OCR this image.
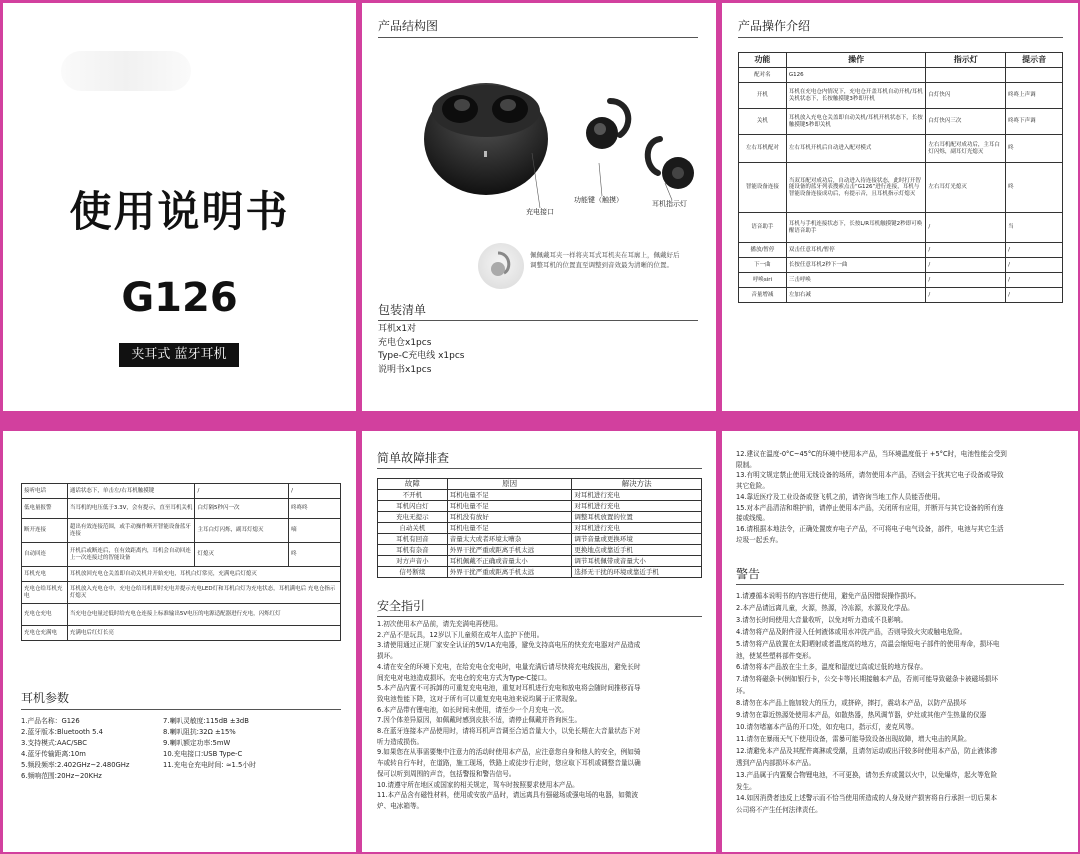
使用说明书
G126
夹耳式 蓝牙耳机
产品结构图
充电接口
功能键（触摸）	耳机指示灯
佩佩戴耳夹一样将夹耳式耳机夹在耳廓上，佩戴好后调整耳机的位置直至调整到音效最为清晰的位置。
包装清单
耳机x1对
充电仓x1pcs
Type-C充电线 x1pcs
说明书x1pcs
产品操作介绍
功能	操作	指示灯	提示音
配对名	G126		
开机	耳机在充电仓内情况下，充电仓开盖耳机自动开机/耳机关机状态下，长按触摸键3秒即开机	白灯快闪	咚咚上声调
关机	耳机放入充电仓关盖即自动关机/耳机开机状态下，长按触摸键5秒即关机	白灯快闪三次	咚咚下声调
左右耳机配对	左右耳机开机后自动进入配对模式	左右耳机配对成功后，主耳白灯闪烁，副耳灯光熄灭	咚
智能设备连接	当双耳配对成功后，自动进入待连接状态，此时打开智能设备的蓝牙列表搜索点击“G126”进行连接，耳机与智能设备连接成功后，有提示音，且耳机指示灯熄灭	左右耳灯光熄灭	咚
语音助手	耳机与手机连接状态下，长按L/R耳机触摸键2秒即可唤醒语音助手	/	当
播放/暂停	双击任意耳机/暂停	/	/
下一曲	长按任意耳机2秒下一曲	/	/
呼唤siri	三击呼唤	/	/
音量增减	左加右减	/	/
接听电话	通话状态下，单击左/右耳机触摸键	/	/
低电量报警	当耳机的电压低于3.3V，会有提示，直至耳机关机	白灯隔5秒闪一次	咚咚咚
断开连接	超出有效连接范围，或手动操作断开智能设备蓝牙连接	主耳白灯闪烁，副耳灯熄灭	嘀
自动回连	开机后或断连后，在有效距离内，耳机会自动回连上一次连接过的智能设备	灯熄灭	咚
耳机充电	耳机放回充电仓关盖即自动关机并开始充电，耳机白灯常亮，充满电后灯熄灭		
充电仓给耳机充电	耳机放入充电仓中，充电仓给耳机即时充电并提示充电LED灯和耳机白灯为充电状态，耳机满电后 充电仓指示灯熄灭		
充电仓充电	当充电仓电量过低时给充电仓连接上标准输出5V电压的电源适配器进行充电，闪烁红灯		
充电仓充满电	充满电后红灯长亮		
耳机参数
1.产品名称：G126
2.蓝牙版本:Bluetooth 5.4
3.支持模式:AAC/SBC
4.蓝牙传输距离:10m
5.频段频率:2.402GHz~2.480GHz
6.频响范围:20Hz~20KHz
7.喇叭灵敏度:115dB ±3dB
8.喇叭阻抗:32Ω ±15%
9.喇叭额定功率:5mW
10.充电接口:USB Type-C
11.充电仓充电时间: ≈1.5小时
简单故障排查
故障	原因	解决方法
不开机	耳机电量不足	对耳机进行充电
耳机闪白灯	耳机电量不足	对耳机进行充电
充电无提示	耳机没有放好	调整耳机放置的位置
自动关机	耳机电量不足	对耳机进行充电
耳机有回音	音量太大或者环境太嘈杂	调节音量或更换环境
耳机有杂音	外界干扰严重或距离手机太远	更换地点或靠近手机
对方声音小	耳机佩戴不正确或音量太小	调节耳机佩带或音量大小
信号断续	外界干扰严重或距离手机太远	选择无干扰的环境或靠近手机
安全指引
1.初次使用本产品前，请先充满电再使用。
2.产品不是玩具，12岁以下儿童须在成年人监护下使用。
3.请使用通过正规厂家安全认证的5V/1A充电器，避免支持高电压的快充充电器对产品造成
损坏。
4.请在安全的环境下充电，在给充电仓充电时，电量充满后请尽快将充电线拔出，避免长时
间充电对电池造成损坏。充电仓的充电方式为Type-C接口。
5.本产品内置不可拆卸的可重复充电电池，重复对耳机进行充电和放电将会随时间推移而导
致电池性能下降，这对于所有可以重复充电电池来说均属于正常现象。
6.本产品带有锂电池，如长时间未使用，请至少一个月充电一次。
7.因个体差异原因，如佩戴时感到皮肤不适，请停止佩戴并咨询医生。
8.在蓝牙连接本产品使用时，请将耳机声音调至合适音量大小，以免长期在大音量状态下对
听力造成损伤。
9.如果您在从事需要集中注意力的活动时使用本产品，应注意您自身和他人的安全，例如骑
车或转自行车时，在道路，施工现场，铁路上或徒步行走时，您应取下耳机或调整音量以确
保可以听到周围的声音，包括警报和警告信号。
10.请遵守所在地区或国家的相关规定，驾车时按照要求使用本产品。
11.本产品含有磁性材料，使用或安放产品时，请远离具有强磁场或强电场的电器，如微波
炉、电冰箱等。
12.建议在温度-0°C~45°C的环境中使用本产品，当环境温度低于 +5°C时，电池性能会受到
限制。
13.有明文规定禁止使用无线设备的场所，请勿使用本产品，否则会干扰其它电子设备或导致
其它危险。
14.靠近医疗及工业设备或登飞机之前，请咨询当地工作人员能否使用。
15.对本产品清洁和维护前，请停止使用本产品，关闭所有应用，并断开与其它设备的所有连
接或线缆。
16.请根据本地法令，正确处置废弃电子产品，不可将电子电气设备，部件，电池与其它生活
垃圾一起丢弃。
警告
1.请遵循本说明书的内容进行使用，避免产品因错误操作损坏。
2.本产品请远离儿童，火源，热源，冷冻源，水源及化学品。
3.请勿长时间使用大音量收听，以免对听力造成不良影响。
4.请勿将产品及附件浸入任何液体或用水冲洗产品，否则导致火灾或触电危险。
5.请勿将产品放置在太阳晒射或者温度高的地方，高温会缩短电子部件的使用寿命，损坏电
池，使某些塑料部件变形。
6.请勿将本产品放在尘土多，温度和湿度过高或过低的地方保存。
7.请勿将磁条卡(例如银行卡，公交卡等)长期接触本产品，否则可能导致磁条卡被磁场损坏
坏。
8.请勿在本产品上施加较大的压力，或挤碎，摔打，震动本产品，以防产品损坏
9.请勿在靠近热源处使用本产品，如散热器，热风调节器，炉灶或其他产生热量的仪器
10.请勿堵塞本产品的开口处，如充电口，指示灯，麦克风等。
11.请勿在暴雨天气下使用设备，雷暴可能导致设备出现故障，增大电击的风险。
12.请避免本产品及其配件离淋或受潮，且请勿运动或出汗较多时使用本产品，防止液体渗
透到产品内部损坏本产品。
13.产品属于内置聚合物锂电池，不可更换，请勿丢弃或置以火中，以免爆炸，起火等危险
发生。
14.如因消费者违反上述警示而不恰当使用所造成的人身及财产损害将自行承担一切后果本
公司将不产生任何法律责任。
